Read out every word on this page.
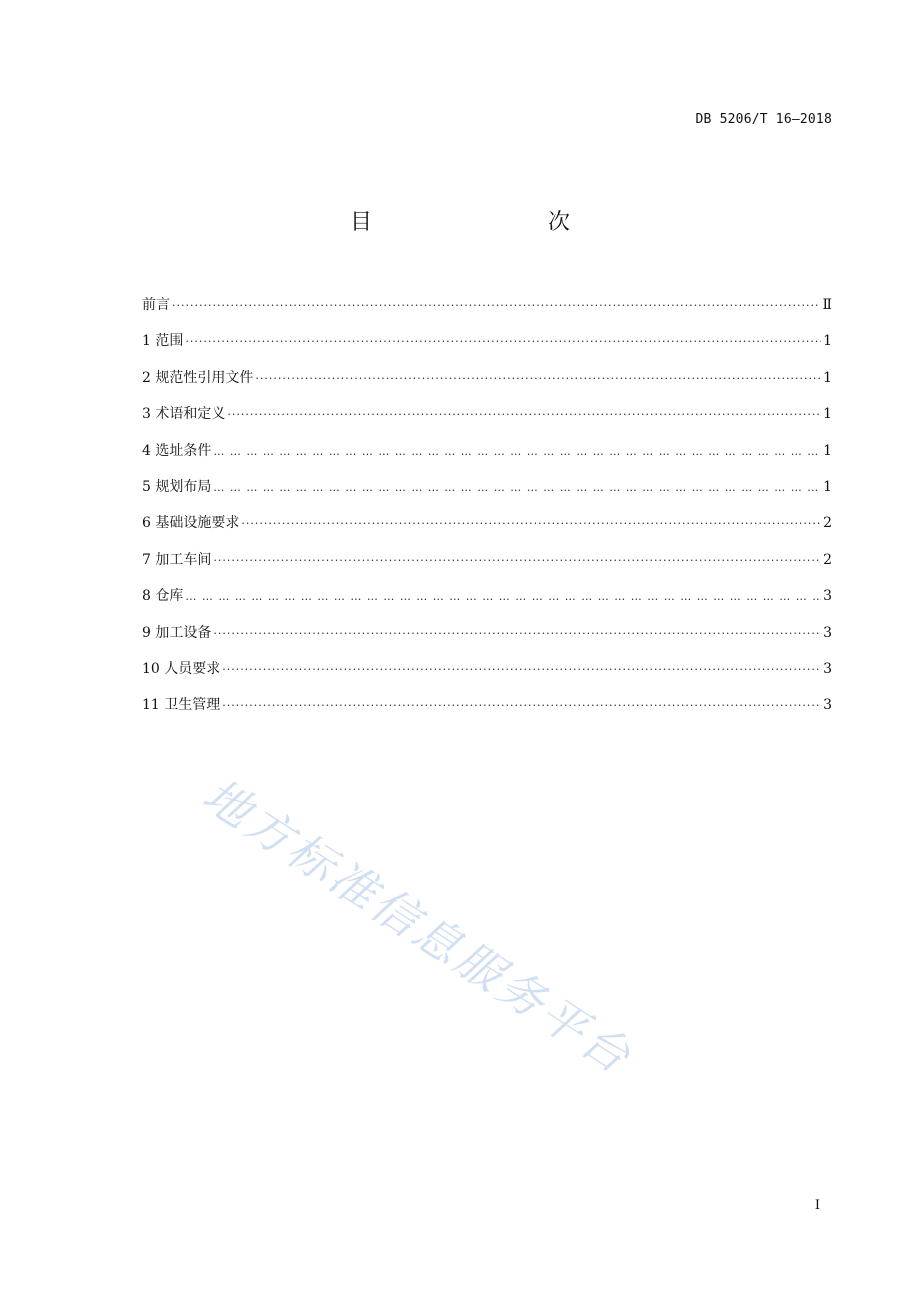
DB 5206/T 16—2018
目　　次
前言 ·····	Ⅱ
1 范围 ·····	1
2 规范性引用文件 ·····	1
3 术语和定义 ·····	1
4 选址条件 … … … … … … … … … … … … … … … … … … … … … … … … … … … … … … … … … … … … … … … … … … … … … … … … … … … … … … … … … …	1
5 规划布局 … … … … … … … … … … … … … … … … … … … … … … … … … … … … … … … … … … … … … … … … … … … … … … … … … … … … … … … … … …	1
6 基础设施要求 ·····	2
7 加工车间 ·····	2
8 仓库 … … … … … … … … … … … … … … … … … … … … … … … … … … … … … … … … … … … … … … … … … … … … … … … … … … … … … … … … … …	3
9 加工设备 ·····	3
10 人员要求 ·····	3
11 卫生管理 ·····	3
地方标准信息服务平台
I
